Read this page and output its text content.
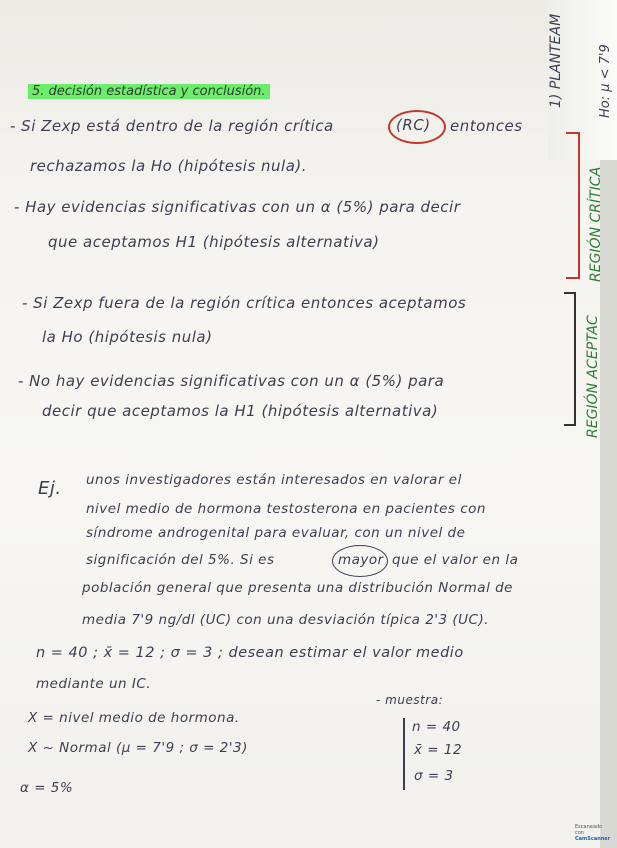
1) PLANTEAM	Ho: μ < 7'9
REGIÓN CRÍTICA
REGIÓN ACEPTAC
5. decisión estadística y conclusión.
- Si Zexp está dentro de la región crítica	(RC) entonces
rechazamos la Ho (hipótesis nula).
- Hay evidencias significativas con un α (5%) para decir
que aceptamos H1 (hipótesis alternativa)
- Si Zexp fuera de la región crítica entonces aceptamos
la Ho (hipótesis nula)
- No hay evidencias significativas con un α (5%) para
decir que aceptamos la H1 (hipótesis alternativa)
Ej. unos investigadores están interesados en valorar el
nivel medio de hormona testosterona en pacientes con
síndrome androgenital para evaluar, con un nivel de
significación del 5%. Si es	mayor que el valor en la
población general que presenta una distribución Normal de
media 7'9 ng/dl (UC) con una desviación típica 2'3 (UC).
n = 40 ; x̄ = 12 ; σ = 3 ; desean estimar el valor medio
mediante un IC.
X = nivel medio de hormona.
X ~ Normal (μ = 7'9 ; σ = 2'3)
α = 5%
- muestra:
n = 40
x̄ = 12
σ = 3
Escaneado con
CamScanner
